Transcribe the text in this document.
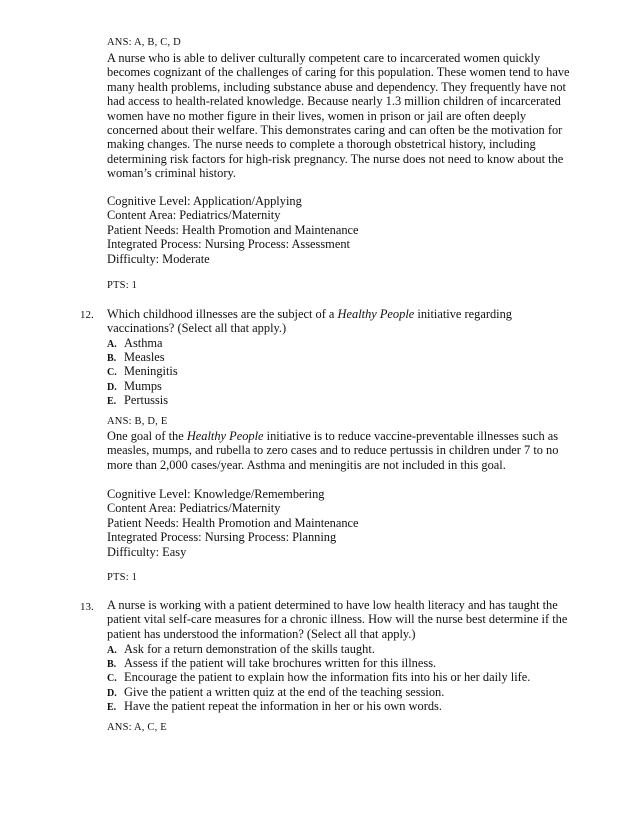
ANS: A, B, C, D
A nurse who is able to deliver culturally competent care to incarcerated women quickly
becomes cognizant of the challenges of caring for this population. These women tend to have
many health problems, including substance abuse and dependency. They frequently have not
had access to health-related knowledge. Because nearly 1.3 million children of incarcerated
women have no mother figure in their lives, women in prison or jail are often deeply
concerned about their welfare. This demonstrates caring and can often be the motivation for
making changes. The nurse needs to complete a thorough obstetrical history, including
determining risk factors for high-risk pregnancy. The nurse does not need to know about the
woman’s criminal history.
Cognitive Level: Application/Applying
Content Area: Pediatrics/Maternity
Patient Needs: Health Promotion and Maintenance
Integrated Process: Nursing Process: Assessment
Difficulty: Moderate
PTS: 1
12. Which childhood illnesses are the subject of a Healthy People initiative regarding
vaccinations? (Select all that apply.)
A. Asthma
B. Measles
C. Meningitis
D. Mumps
E. Pertussis
ANS: B, D, E
One goal of the Healthy People initiative is to reduce vaccine-preventable illnesses such as
measles, mumps, and rubella to zero cases and to reduce pertussis in children under 7 to no
more than 2,000 cases/year. Asthma and meningitis are not included in this goal.
Cognitive Level: Knowledge/Remembering
Content Area: Pediatrics/Maternity
Patient Needs: Health Promotion and Maintenance
Integrated Process: Nursing Process: Planning
Difficulty: Easy
PTS: 1
13. A nurse is working with a patient determined to have low health literacy and has taught the
patient vital self-care measures for a chronic illness. How will the nurse best determine if the
patient has understood the information? (Select all that apply.)
A. Ask for a return demonstration of the skills taught.
B. Assess if the patient will take brochures written for this illness.
C. Encourage the patient to explain how the information fits into his or her daily life.
D. Give the patient a written quiz at the end of the teaching session.
E. Have the patient repeat the information in her or his own words.
ANS: A, C, E
